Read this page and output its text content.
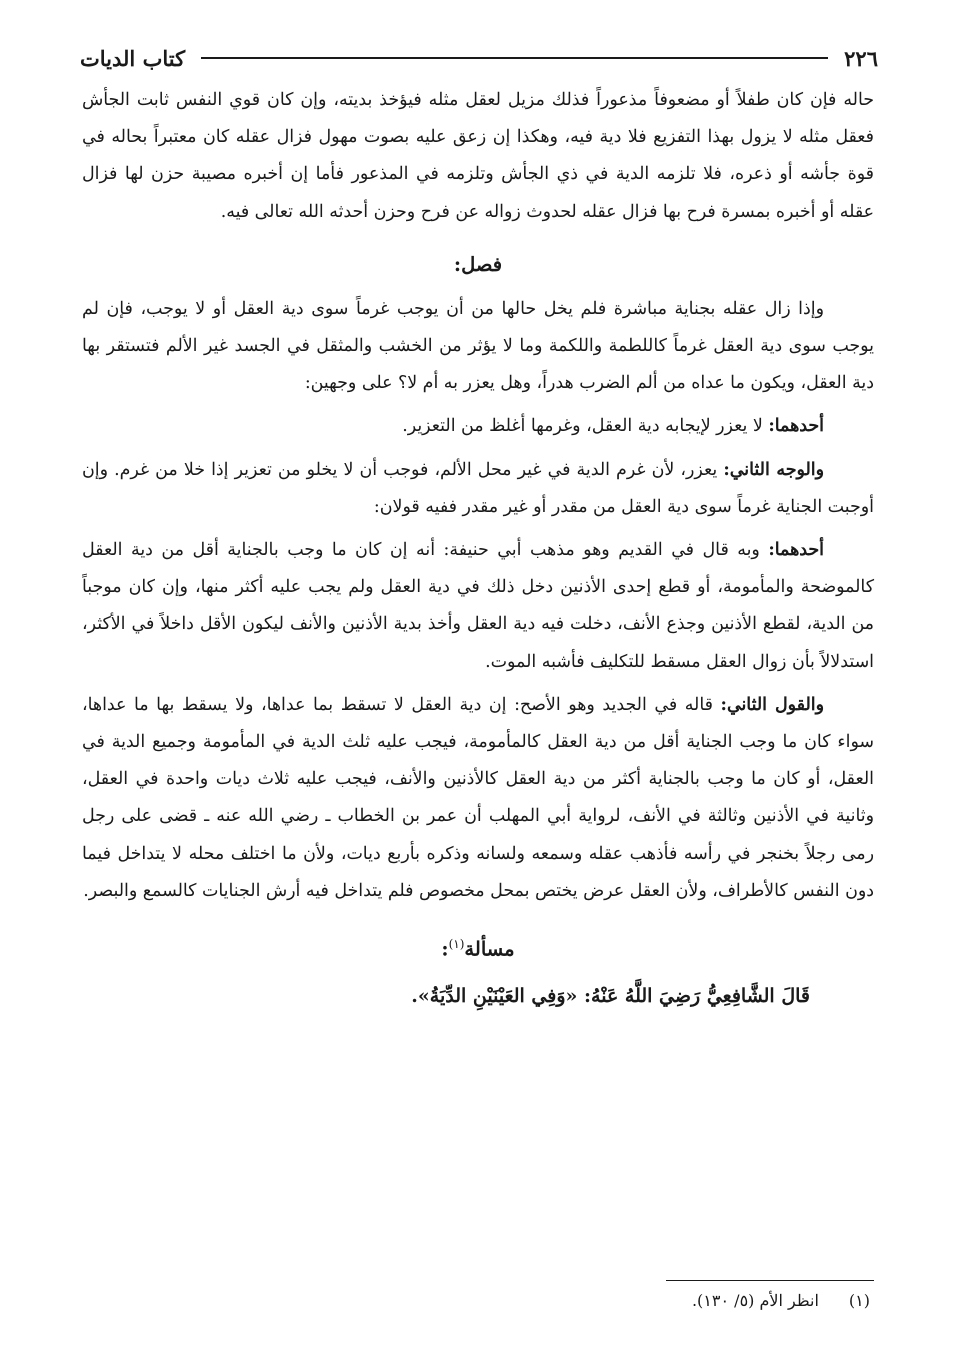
٢٢٦
كتاب الديات

حاله فإن كان طفلاً أو مضعوفاً مذعوراً فذلك مزيل لعقل مثله فيؤخذ بديته، وإن كان قوي النفس ثابت الجأش فعقل مثله لا يزول بهذا التفزيع فلا دية فيه، وهكذا إن زعق عليه بصوت مهول فزال عقله كان معتبراً بحاله في قوة جأشه أو ذعره، فلا تلزمه الدية في ذي الجأش وتلزمه في المذعور فأما إن أخبره مصيبة حزن لها فزال عقله أو أخبره بمسرة فرح بها فزال عقله لحدوث زواله عن فرح وحزن أحدثه الله تعالى فيه.

فصل:

وإذا زال عقله بجناية مباشرة فلم يخل حالها من أن يوجب غرماً سوى دية العقل أو لا يوجب، فإن لم يوجب سوى دية العقل غرماً كاللطمة واللكمة وما لا يؤثر من الخشب والمثقل في الجسد غير الألم فتستقر بها دية العقل، ويكون ما عداه من ألم الضرب هدراً، وهل يعزر به أم لا؟ على وجهين:

أحدهما: لا يعزر لإيجابه دية العقل، وغرمها أغلظ من التعزير.

والوجه الثاني: يعزر، لأن غرم الدية في غير محل الألم، فوجب أن لا يخلو من تعزير إذا خلا من غرم. وإن أوجبت الجناية غرماً سوى دية العقل من مقدر أو غير مقدر ففيه قولان:

أحدهما: وبه قال في القديم وهو مذهب أبي حنيفة: أنه إن كان ما وجب بالجناية أقل من دية العقل كالموضحة والمأمومة، أو قطع إحدى الأذنين دخل ذلك في دية العقل ولم يجب عليه أكثر منها، وإن كان موجباً من الدية، لقطع الأذنين وجذع الأنف، دخلت فيه دية العقل وأخذ بدية الأذنين والأنف ليكون الأقل داخلاً في الأكثر، استدلالاً بأن زوال العقل مسقط للتكليف فأشبه الموت.

والقول الثاني: قاله في الجديد وهو الأصح: إن دية العقل لا تسقط بما عداها، ولا يسقط بها ما عداها، سواء كان ما وجب الجناية أقل من دية العقل كالمأمومة، فيجب عليه ثلث الدية في المأمومة وجميع الدية في العقل، أو كان ما وجب بالجناية أكثر من دية العقل كالأذنين والأنف، فيجب عليه ثلاث ديات واحدة في العقل، وثانية في الأذنين وثالثة في الأنف، لرواية أبي المهلب أن عمر بن الخطاب ـ رضي الله عنه ـ قضى على رجل رمى رجلاً بخنجر في رأسه فأذهب عقله وسمعه ولسانه وذكره بأربع ديات، ولأن ما اختلف محله لا يتداخل فيما دون النفس كالأطراف، ولأن العقل عرض يختص بمحل مخصوص فلم يتداخل فيه أرش الجنايات كالسمع والبصر.

مسألة$^{(١)}$:
قَالَ الشَّافِعِيُّ رَضِيَ اللَّهُ عَنْهُ: «وَفِي العَيْنَيْنِ الدِّيَةُ».
(١)انظر الأم (٥/ ١٣٠).
